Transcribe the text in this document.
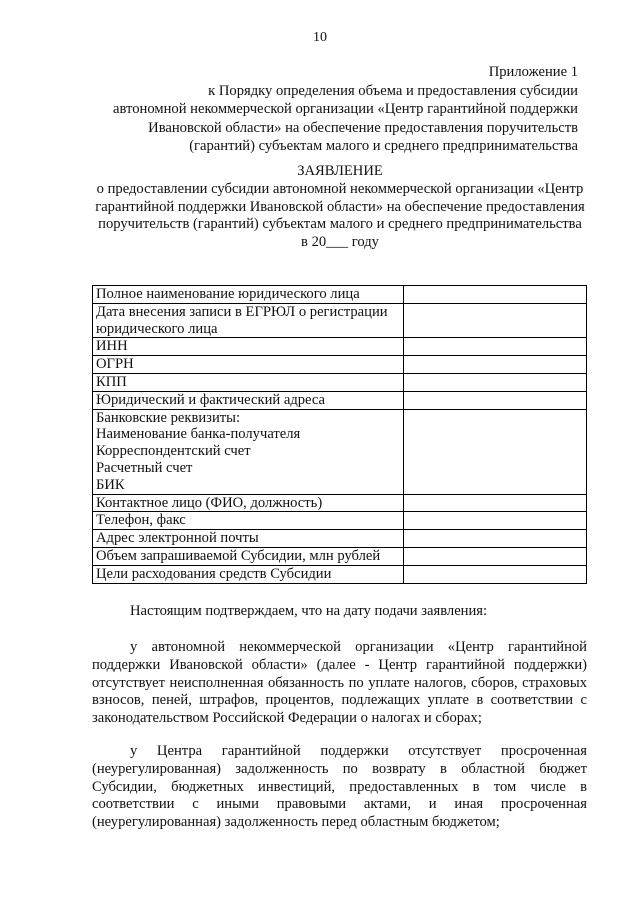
10
Приложение 1
к Порядку определения объема и предоставления субсидии
автономной некоммерческой организации «Центр гарантийной поддержки
Ивановской области» на обеспечение предоставления поручительств
(гарантий) субъектам малого и среднего предпринимательства
ЗАЯВЛЕНИЕ
о предоставлении субсидии автономной некоммерческой организации «Центр гарантийной поддержки Ивановской области» на обеспечение предоставления поручительств (гарантий) субъектам малого и среднего предпринимательства
в 20___ году
Полное наименование юридического лица	
Дата внесения записи в ЕГРЮЛ о регистрации юридического лица	
ИНН	
ОГРН	
КПП	
Юридический и фактический адреса	

Банковские реквизиты:
Наименование банка-получателя
Корреспондентский счет
Расчетный счет
БИК	

Контактное лицо (ФИО, должность)	
Телефон, факс	
Адрес электронной почты	
Объем запрашиваемой Субсидии, млн рублей	
Цели расходования средств Субсидии	

Настоящим подтверждаем, что на дату подачи заявления:

у автономной некоммерческой организации «Центр гарантийной поддержки Ивановской области» (далее - Центр гарантийной поддержки) отсутствует неисполненная обязанность по уплате налогов, сборов, страховых взносов, пеней, штрафов, процентов, подлежащих уплате в соответствии с законодательством Российской Федерации о налогах и сборах;

у Центра гарантийной поддержки отсутствует просроченная (неурегулированная) задолженность по возврату в областной бюджет Субсидии, бюджетных инвестиций, предоставленных в том числе в соответствии с иными правовыми актами, и иная просроченная (неурегулированная) задолженность перед областным бюджетом;
